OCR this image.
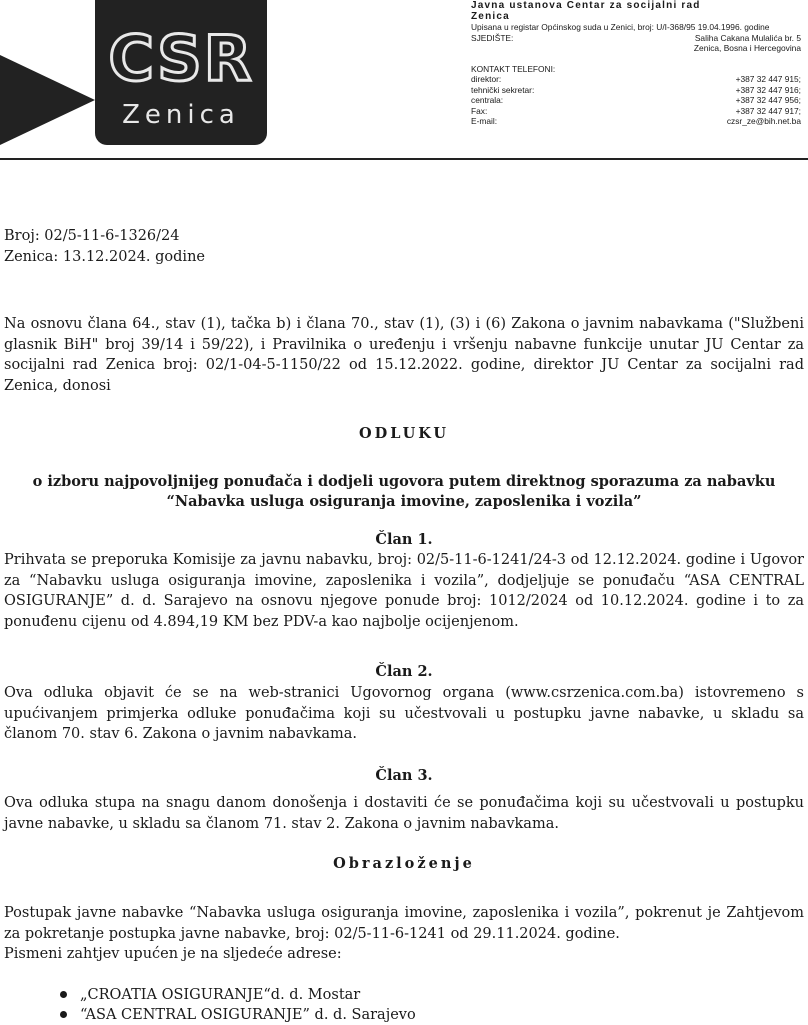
CSR
Zenica
Javna ustanova Centar za socijalni rad
Zenica
Upisana u registar Općinskog suda u Zenici, broj: U/I-368/95 19.04.1996. godine
SJEDIŠTE:	Saliha Cakana Mulalića br. 5
Zenica, Bosna i Hercegovina
KONTAKT TELEFONI:
direktor:	+387 32 447 915;
tehnički sekretar:	+387 32 447 916;
centrala:	+387 32 447 956;
Fax:	+387 32 447 917;
E-mail:	czsr_ze@bih.net.ba
Broj: 02/5-11-6-1326/24
Zenica: 13.12.2024. godine
Na osnovu člana 64., stav (1), tačka b) i člana 70., stav (1), (3) i (6) Zakona o javnim nabavkama ("Službeni glasnik BiH" broj 39/14 i 59/22), i Pravilnika o uređenju i vršenju nabavne funkcije unutar JU Centar za socijalni rad Zenica broj: 02/1-04-5-1150/22 od 15.12.2022. godine, direktor JU Centar za socijalni rad Zenica, donosi
ODLUKU
o izboru najpovoljnijeg ponuđača i dodjeli ugovora putem direktnog sporazuma za nabavku
“Nabavka usluga osiguranja imovine, zaposlenika i vozila”
Član 1.
Prihvata se preporuka Komisije za javnu nabavku, broj: 02/5-11-6-1241/24-3 od 12.12.2024. godine i Ugovor za “Nabavku usluga osiguranja imovine, zaposlenika i vozila”, dodjeljuje se ponuđaču “ASA CENTRAL OSIGURANJE” d. d. Sarajevo na osnovu njegove ponude broj: 1012/2024 od 10.12.2024. godine i to za ponuđenu cijenu od 4.894,19 KM bez PDV-a kao najbolje ocijenjenom.
Član 2.
Ova odluka objavit će se na web-stranici Ugovornog organa (www.csrzenica.com.ba) istovremeno s upućivanjem primjerka odluke ponuđačima koji su učestvovali u postupku javne nabavke, u skladu sa članom 70. stav 6. Zakona o javnim nabavkama.
Član 3.
Ova odluka stupa na snagu danom donošenja i dostaviti će se ponuđačima koji su učestvovali u postupku javne nabavke, u skladu sa članom 71. stav 2. Zakona o javnim nabavkama.
Obrazloženje
Postupak javne nabavke “Nabavka usluga osiguranja imovine, zaposlenika i vozila”, pokrenut je Zahtjevom za pokretanje postupka javne nabavke, broj: 02/5-11-6-1241 od 29.11.2024. godine.
Pismeni zahtjev upućen je na sljedeće adrese:
„CROATIA OSIGURANJE“d. d. Mostar
“ASA CENTRAL OSIGURANJE” d. d. Sarajevo
